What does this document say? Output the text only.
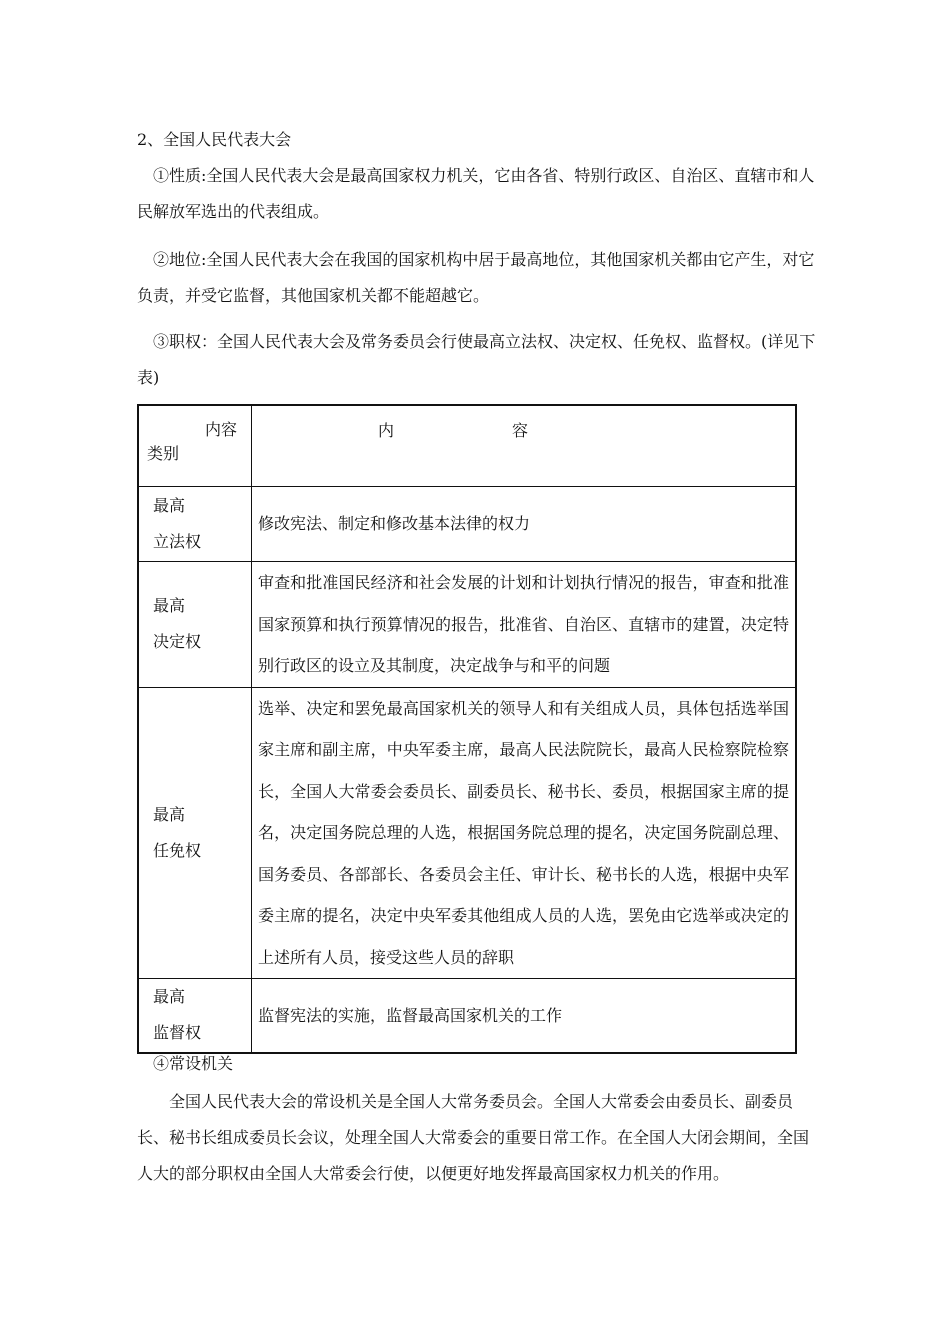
2、全国人民代表大会

①性质:全国人民代表大会是最高国家权力机关，它由各省、特别行政区、自治区、直辖市和人民解放军选出的代表组成。

②地位:全国人民代表大会在我国的国家机构中居于最高地位，其他国家机关都由它产生，对它负责，并受它监督，其他国家机关都不能超越它。

③职权：全国人民代表大会及常务委员会行使最高立法权、决定权、任免权、监督权。(详见下表)

内容
类别	内 容

最高
立法权	修改宪法、制定和修改基本法律的权力

最高
决定权	审查和批准国民经济和社会发展的计划和计划执行情况的报告，审查和批准国家预算和执行预算情况的报告，批准省、自治区、直辖市的建置，决定特别行政区的设立及其制度，决定战争与和平的问题

最高
任免权	选举、决定和罢免最高国家机关的领导人和有关组成人员，具体包括选举国家主席和副主席，中央军委主席，最高人民法院院长，最高人民检察院检察长，全国人大常委会委员长、副委员长、秘书长、委员，根据国家主席的提名，决定国务院总理的人选，根据国务院总理的提名，决定国务院副总理、国务委员、各部部长、各委员会主任、审计长、秘书长的人选，根据中央军委主席的提名，决定中央军委其他组成人员的人选，罢免由它选举或决定的上述所有人员，接受这些人员的辞职

最高
监督权	监督宪法的实施，监督最高国家机关的工作

④常设机关

全国人民代表大会的常设机关是全国人大常务委员会。全国人大常委会由委员长、副委员长、秘书长组成委员长会议，处理全国人大常委会的重要日常工作。在全国人大闭会期间，全国人大的部分职权由全国人大常委会行使，以便更好地发挥最高国家权力机关的作用。
